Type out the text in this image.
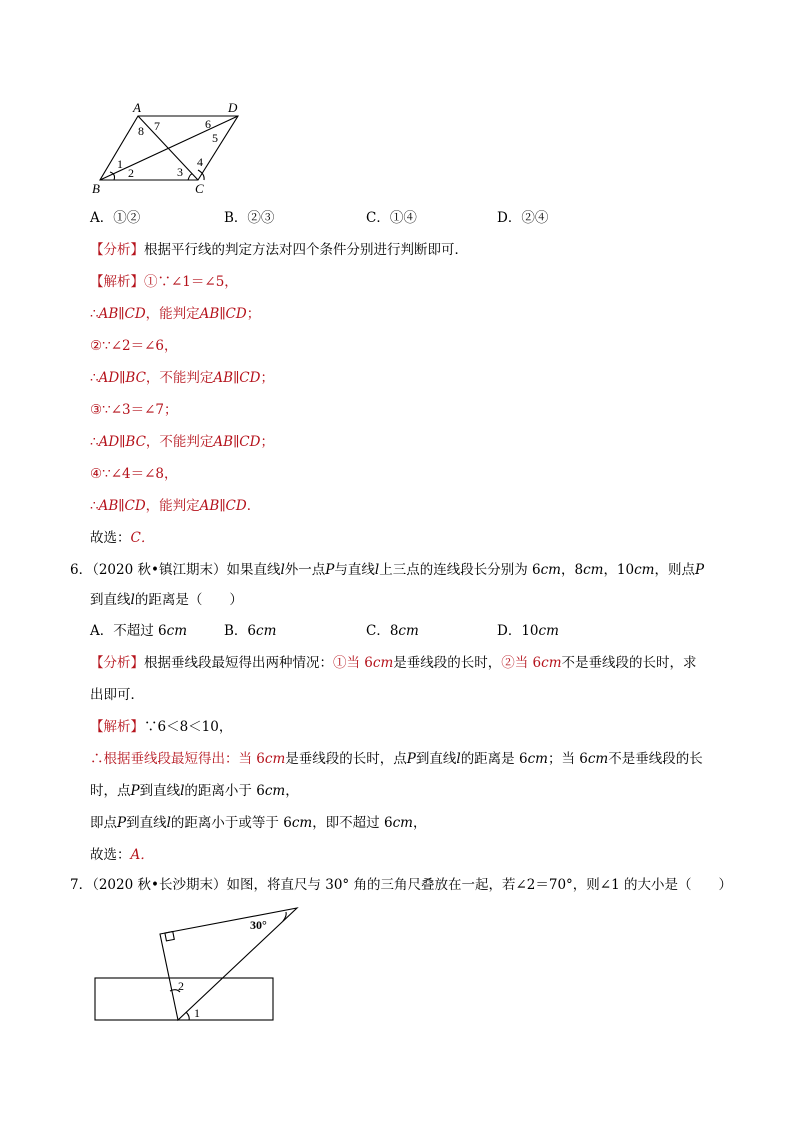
A	D
B	C
8 7	6
5
1
2	3
4
A．①②	B．②③	C．①④	D．②④
【分析】根据平行线的判定方法对四个条件分别进行判断即可．
【解析】①∵∠1＝∠5，
∴AB∥CD，能判定AB∥CD；
②∵∠2＝∠6，
∴AD∥BC，不能判定AB∥CD；
③∵∠3＝∠7；
∴AD∥BC，不能判定AB∥CD；
④∵∠4＝∠8，
∴AB∥CD，能判定AB∥CD．
故选：C．
6．（2020 秋•镇江期末）如果直线l外一点P与直线l上三点的连线段长分别为 6cm，8cm，10cm，则点P
到直线l的距离是（　　）
A．不超过 6cm	B．6cm	C．8cm	D．10cm
【分析】根据垂线段最短得出两种情况：①当 6cm是垂线段的长时，②当 6cm不是垂线段的长时，求
出即可．
【解析】∵6＜8＜10，
∴根据垂线段最短得出：当 6cm是垂线段的长时，点P到直线l的距离是 6cm；当 6cm不是垂线段的长
时，点P到直线l的距离小于 6cm，
即点P到直线l的距离小于或等于 6cm，即不超过 6cm，
故选：A．
7．（2020 秋•长沙期末）如图，将直尺与 30° 角的三角尺叠放在一起，若∠2＝70°，则∠1 的大小是（　　）
30°
2
1
